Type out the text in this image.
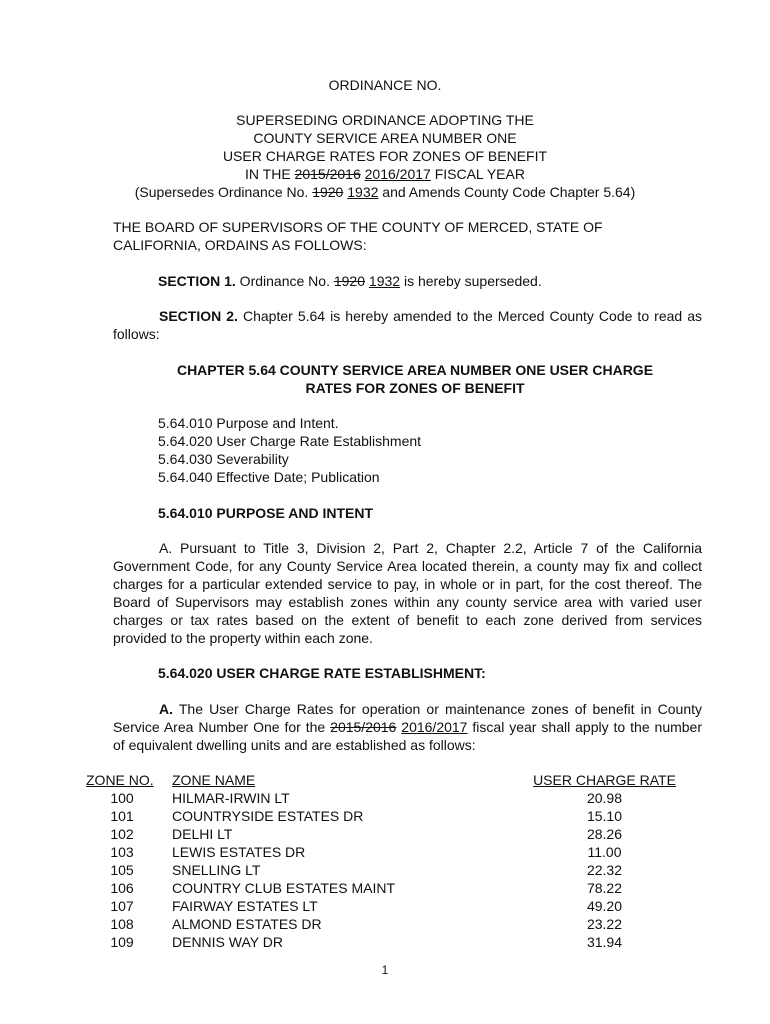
ORDINANCE NO.
SUPERSEDING ORDINANCE ADOPTING THE
COUNTY SERVICE AREA NUMBER ONE
USER CHARGE RATES FOR ZONES OF BENEFIT
IN THE 2015/2016 2016/2017 FISCAL YEAR
(Supersedes Ordinance No. 1920 1932 and Amends County Code Chapter 5.64)
THE BOARD OF SUPERVISORS OF THE COUNTY OF MERCED, STATE OF
CALIFORNIA, ORDAINS AS FOLLOWS:
SECTION 1. Ordinance No. 1920 1932 is hereby superseded.

SECTION 2. Chapter 5.64 is hereby amended to the Merced County Code to read as follows:

CHAPTER 5.64 COUNTY SERVICE AREA NUMBER ONE USER CHARGE
RATES FOR ZONES OF BENEFIT
5.64.010 Purpose and Intent.
5.64.020 User Charge Rate Establishment
5.64.030 Severability
5.64.040 Effective Date; Publication
5.64.010 PURPOSE AND INTENT

A. Pursuant to Title 3, Division 2, Part 2, Chapter 2.2, Article 7 of the California Government Code, for any County Service Area located therein, a county may fix and collect charges for a particular extended service to pay, in whole or in part, for the cost thereof. The Board of Supervisors may establish zones within any county service area with varied user charges or tax rates based on the extent of benefit to each zone derived from services provided to the property within each zone.

5.64.020 USER CHARGE RATE ESTABLISHMENT:

A. The User Charge Rates for operation or maintenance zones of benefit in County Service Area Number One for the 2015/2016 2016/2017 fiscal year shall apply to the number of equivalent dwelling units and are established as follows:

ZONE NO.	ZONE NAME	USER CHARGE RATE
100	HILMAR-IRWIN LT	20.98
101	COUNTRYSIDE ESTATES DR	15.10
102	DELHI LT	28.26
103	LEWIS ESTATES DR	11.00
105	SNELLING LT	22.32
106	COUNTRY CLUB ESTATES MAINT	78.22
107	FAIRWAY ESTATES LT	49.20
108	ALMOND ESTATES DR	23.22
109	DENNIS WAY DR	31.94
1
